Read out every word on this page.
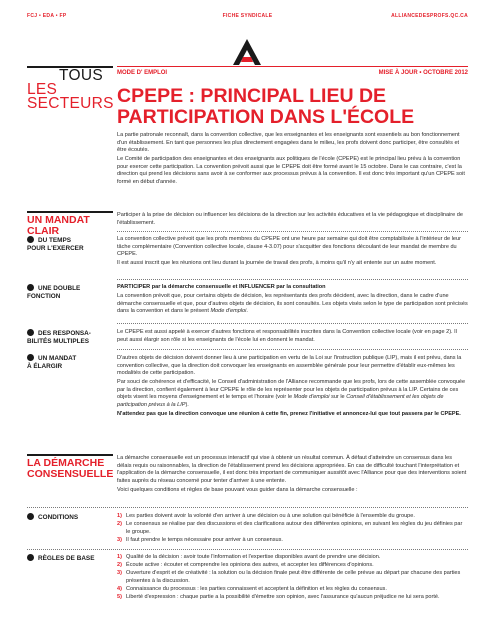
FCJ • EDA • FP	FICHE SYNDICALE	ALLIANCEDESPROFS.QC.CA
TOUS
LES
SECTEURS
MODE D' EMPLOI	MISE À JOUR • OCTOBRE 2012
CPEPE : PRINCIPAL LIEU DE
PARTICIPATION DANS L'ÉCOLE

La partie patronale reconnaît, dans la convention collective, que les enseignantes et les enseignants sont essentiels au bon fonctionnement d'un établissement. En tant que personnes les plus directement engagées dans le milieu, les profs doivent donc participer, être consultés et être écoutés.

Le Comité de participation des enseignantes et des enseignants aux politiques de l'école (CPEPE) est le principal lieu prévu à la convention pour exercer cette participation. La convention prévoit aussi que le CPEPE doit être formé avant le 15 octobre. Dans le cas contraire, c'est la direction qui prend les décisions sans avoir à se conformer aux processus prévus à la convention. Il est donc très important qu'un CPEPE soit formé en début d'année.

UN MANDAT
CLAIR

Participer à la prise de décision ou influencer les décisions de la direction sur les activités éducatives et la vie pédagogique et disciplinaire de l'établissement.

DU TEMPS
POUR L'EXERCER

La convention collective prévoit que les profs membres du CPEPE ont une heure par semaine qui doit être comptabilisée à l'intérieur de leur tâche complémentaire (Convention collective locale, clause 4-3.07) pour s'acquitter des fonctions découlant de leur mandat de membre du CPEPE.

Il est aussi inscrit que les réunions ont lieu durant la journée de travail des profs, à moins qu'il n'y ait entente sur un autre moment.

UNE DOUBLE
FONCTION

PARTICIPER par la démarche consensuelle et INFLUENCER par la consultation

La convention prévoit que, pour certains objets de décision, les représentants des profs décident, avec la direction, dans le cadre d'une démarche consensuelle et que, pour d'autres objets de décision, ils sont consultés. Les objets visés selon le type de participation sont précisés dans la convention et dans le présent Mode d'emploi.

DES RESPONSA-
BILITÉS MULTIPLES

Le CPEPE est aussi appelé à exercer d'autres fonctions et responsabilités inscrites dans la Convention collective locale (voir en page 2). Il peut aussi élargir son rôle si les enseignants de l'école lui en donnent le mandat.

UN MANDAT
À ÉLARGIR

D'autres objets de décision doivent donner lieu à une participation en vertu de la Loi sur l'instruction publique (LIP), mais il est prévu, dans la convention collective, que la direction doit convoquer les enseignants en assemblée générale pour leur permettre d'établir eux-mêmes les modalités de cette participation.

Par souci de cohérence et d'efficacité, le Conseil d'administration de l'Alliance recommande que les profs, lors de cette assemblée convoquée par la direction, confient également à leur CPEPE le rôle de les représenter pour les objets de participation prévus à la LIP. Certains de ces objets visent les moyens d'enseignement et le temps et l'horaire (voir le Mode d'emploi sur le Conseil d'établissement et les objets de participation prévus à la LIP).

N'attendez pas que la direction convoque une réunion à cette fin, prenez l'initiative et annoncez-lui que tout passera par le CPEPE.

LA DÉMARCHE
CONSENSUELLE

La démarche consensuelle est un processus interactif qui vise à obtenir un résultat commun. À défaut d'atteindre un consensus dans les délais requis ou raisonnables, la direction de l'établissement prend les décisions appropriées. En cas de difficulté touchant l'interprétation et l'application de la démarche consensuelle, il est donc très important de communiquer aussitôt avec l'Alliance pour que des interventions soient faites auprès du réseau concerné pour tenter d'arriver à une entente.

Voici quelques conditions et règles de base pouvant vous guider dans la démarche consensuelle :

CONDITIONS	1) Les parties doivent avoir la volonté d'en arriver à une décision ou à une solution qui bénéficie à l'ensemble du groupe.
2) Le consensus se réalise par des discussions et des clarifications autour des différentes opinions, en suivant les règles du jeu définies par le groupe.
3) Il faut prendre le temps nécessaire pour arriver à un consensus.
RÈGLES DE BASE	1) Qualité de la décision : avoir toute l'information et l'expertise disponibles avant de prendre une décision.
2) Écoute active : écouter et comprendre les opinions des autres, et accepter les différences d'opinions.
3) Ouverture d'esprit et de créativité : la solution ou la décision finale peut être différente de celle prévue au départ par chacune des parties présentes à la discussion.
4) Connaissance du processus : les parties connaissent et acceptent la définition et les règles du consensus.
5) Liberté d'expression : chaque partie a la possibilité d'émettre son opinion, avec l'assurance qu'aucun préjudice ne lui sera porté.
